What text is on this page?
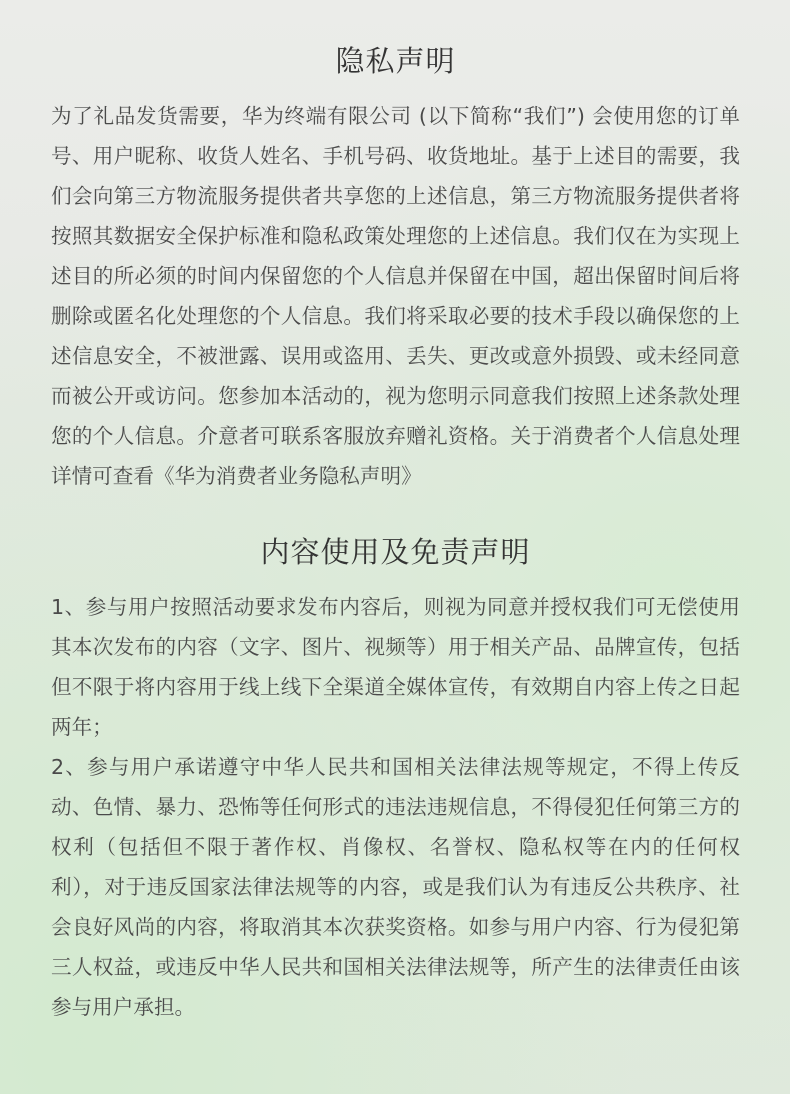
隐私声明

为了礼品发货需要，华为终端有限公司 (以下简称“我们”) 会使用您的订单号、用户昵称、收货人姓名、手机号码、收货地址。基于上述目的需要，我们会向第三方物流服务提供者共享您的上述信息，第三方物流服务提供者将按照其数据安全保护标准和隐私政策处理您的上述信息。我们仅在为实现上述目的所必须的时间内保留您的个人信息并保留在中国，超出保留时间后将删除或匿名化处理您的个人信息。我们将采取必要的技术手段以确保您的上述信息安全，不被泄露、误用或盗用、丢失、更改或意外损毁、或未经同意而被公开或访问。您参加本活动的，视为您明示同意我们按照上述条款处理您的个人信息。介意者可联系客服放弃赠礼资格。关于消费者个人信息处理详情可查看《华为消费者业务隐私声明》

内容使用及免责声明

1、参与用户按照活动要求发布内容后，则视为同意并授权我们可无偿使用其本次发布的内容（文字、图片、视频等）用于相关产品、品牌宣传，包括但不限于将内容用于线上线下全渠道全媒体宣传，有效期自内容上传之日起两年；

2、参与用户承诺遵守中华人民共和国相关法律法规等规定，不得上传反动、色情、暴力、恐怖等任何形式的违法违规信息，不得侵犯任何第三方的权利（包括但不限于著作权、肖像权、名誉权、隐私权等在内的任何权利），对于违反国家法律法规等的内容，或是我们认为有违反公共秩序、社会良好风尚的内容，将取消其本次获奖资格。如参与用户内容、行为侵犯第三人权益，或违反中华人民共和国相关法律法规等，所产生的法律责任由该参与用户承担。
